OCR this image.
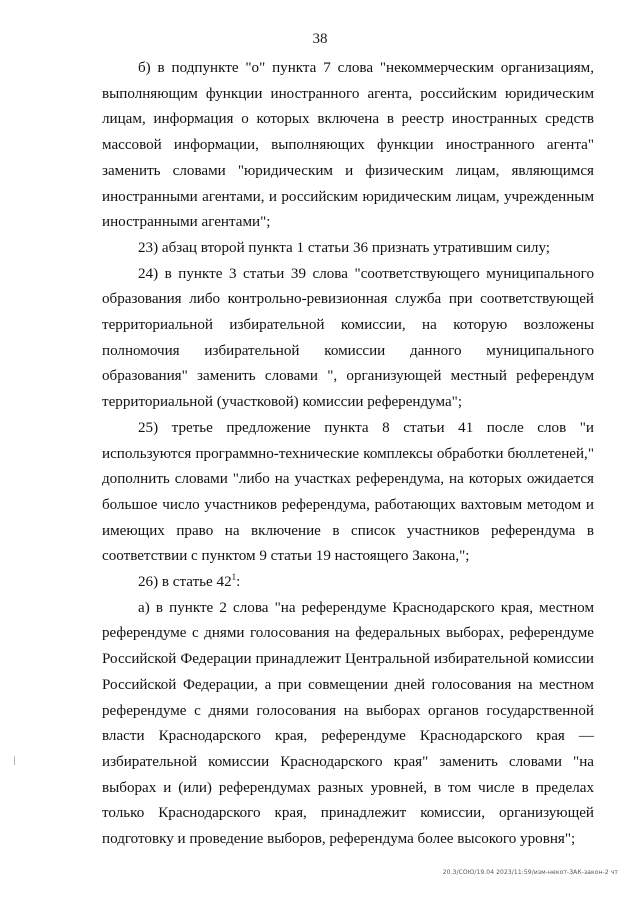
38

б) в подпункте "о" пункта 7 слова "некоммерческим организациям, выполняющим функции иностранного агента, российским юридическим лицам, информация о которых включена в реестр иностранных средств массовой информации, выполняющих функции иностранного агента" заменить словами "юридическим и физическим лицам, являющимся иностранными агентами, и российским юридическим лицам, учрежденным иностранными агентами";

23) абзац второй пункта 1 статьи 36 признать утратившим силу;

24) в пункте 3 статьи 39 слова "соответствующего муниципального образования либо контрольно-ревизионная служба при соответствующей территориальной избирательной комиссии, на которую возложены полномочия избирательной комиссии данного муниципального образования" заменить словами ", организующей местный референдум территориальной (участковой) комиссии референдума";

25) третье предложение пункта 8 статьи 41 после слов "и используются программно-технические комплексы обработки бюллетеней," дополнить словами "либо на участках референдума, на которых ожидается большое число участников референдума, работающих вахтовым методом и имеющих право на включение в список участников референдума в соответствии с пунктом 9 статьи 19 настоящего Закона,";

26) в статье 42$^1$:

а) в пункте 2 слова "на референдуме Краснодарского края, местном референдуме с днями голосования на федеральных выборах, референдуме Российской Федерации принадлежит Центральной избирательной комиссии Российской Федерации, а при совмещении дней голосования на местном референдуме с днями голосования на выборах органов государственной власти Краснодарского края, референдуме Краснодарского края — избирательной комиссии Краснодарского края" заменить словами "на выборах и (или) референдумах разных уровней, в том числе в пределах только Краснодарского края, принадлежит комиссии, организующей подготовку и проведение выборов, референдума более высокого уровня";

20.3/СОЮ/19.04 2023/11:59/изм-некот-ЗАК-закон-2 чт
